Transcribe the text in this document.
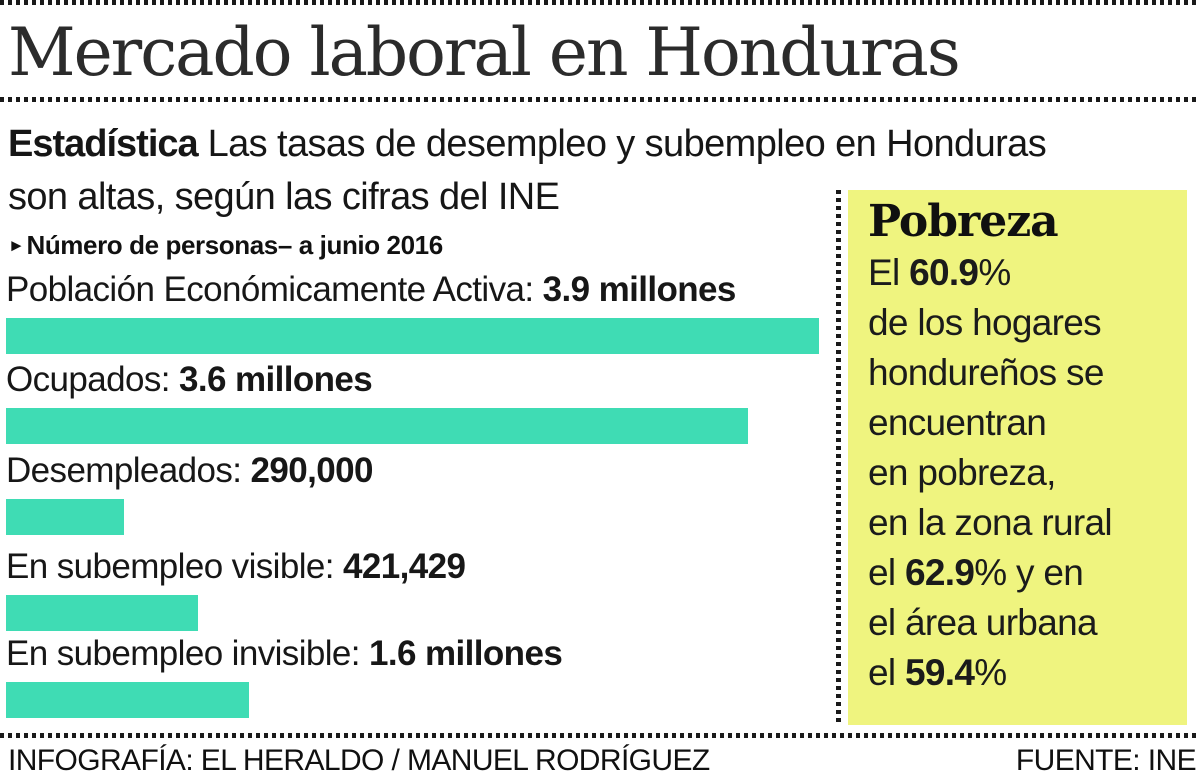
Mercado laboral en Honduras
Estadística Las tasas de desempleo y subempleo en Honduras
son altas, según las cifras del INE
►Número de personas– a junio 2016
Población Económicamente Activa: 3.9 millones
Ocupados: 3.6 millones
Desempleados: 290,000
En subempleo visible: 421,429
En subempleo invisible: 1.6 millones
Pobreza
El 60.9%
de los hogares
hondureños se
encuentran
en pobreza,
en la zona rural
el 62.9% y en
el área urbana
el 59.4%
INFOGRAFÍA: EL HERALDO / MANUEL RODRÍGUEZ	FUENTE: INE
